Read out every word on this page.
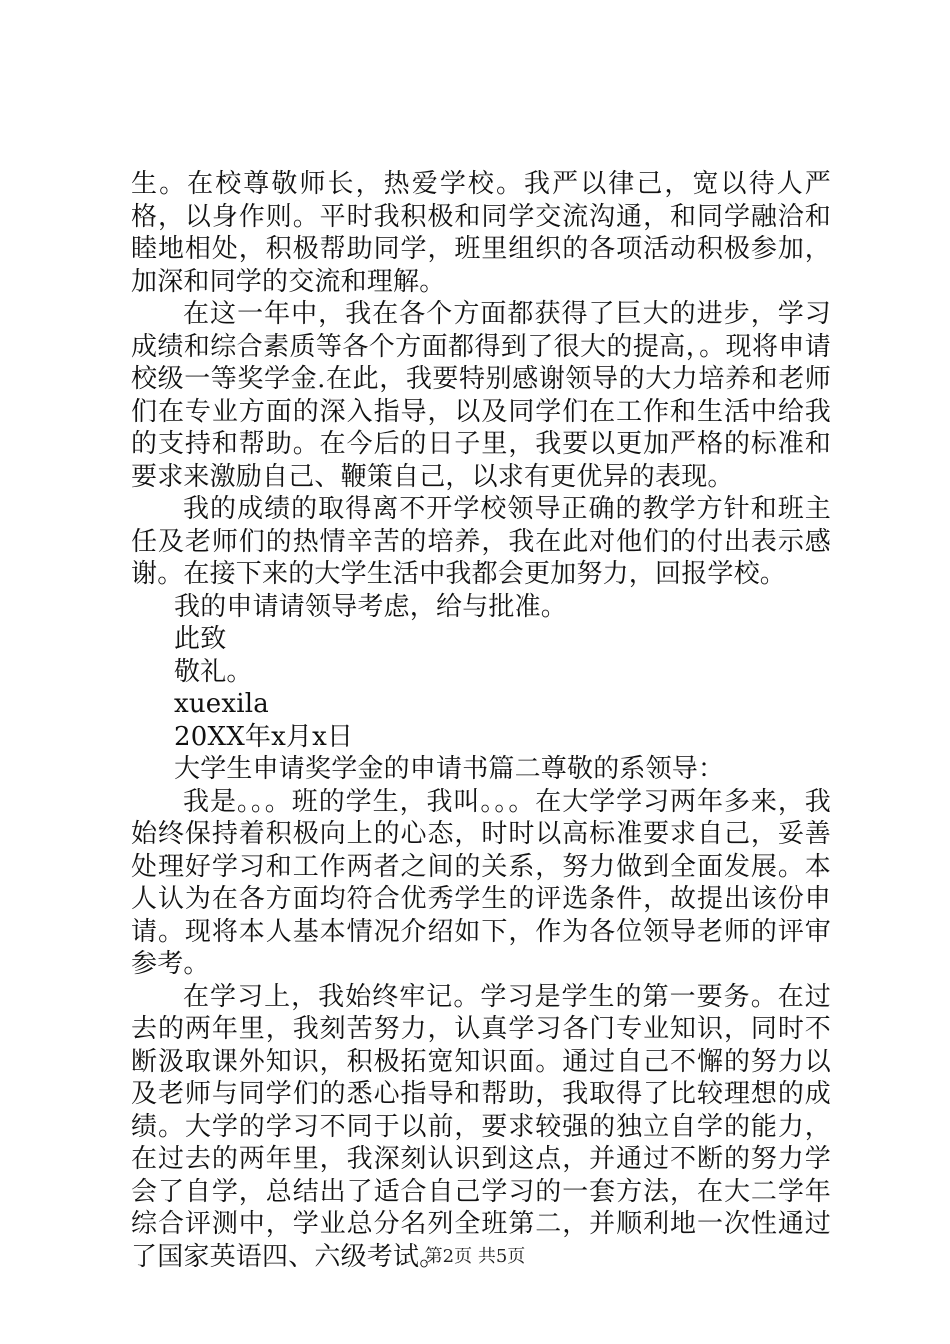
生。在校尊敬师长，热爱学校。我严以律己，宽以待人严格，以身作则。平时我积极和同学交流沟通，和同学融洽和睦地相处，积极帮助同学，班里组织的各项活动积极参加，加深和同学的交流和理解。

在这一年中，我在各个方面都获得了巨大的进步，学习成绩和综合素质等各个方面都得到了很大的提高，。现将申请校级一等奖学金.在此，我要特别感谢领导的大力培养和老师们在专业方面的深入指导，以及同学们在工作和生活中给我的支持和帮助。在今后的日子里，我要以更加严格的标准和要求来激励自己、鞭策自己，以求有更优异的表现。

我的成绩的取得离不开学校领导正确的教学方针和班主任及老师们的热情辛苦的培养，我在此对他们的付出表示感谢。在接下来的大学生活中我都会更加努力，回报学校。

我的申请请领导考虑，给与批准。

此致

敬礼。

xuexila

20XX年x月x日

大学生申请奖学金的申请书篇二尊敬的系领导：

我是。。。班的学生，我叫。。。在大学学习两年多来，我始终保持着积极向上的心态，时时以高标准要求自己，妥善处理好学习和工作两者之间的关系，努力做到全面发展。本人认为在各方面均符合优秀学生的评选条件，故提出该份申请。现将本人基本情况介绍如下，作为各位领导老师的评审参考。

在学习上，我始终牢记。学习是学生的第一要务。在过去的两年里，我刻苦努力，认真学习各门专业知识，同时不断汲取课外知识，积极拓宽知识面。通过自己不懈的努力以及老师与同学们的悉心指导和帮助，我取得了比较理想的成绩。大学的学习不同于以前，要求较强的独立自学的能力，在过去的两年里，我深刻认识到这点，并通过不断的努力学会了自学，总结出了适合自己学习的一套方法，在大二学年综合评测中，学业总分名列全班第二，并顺利地一次性通过了国家英语四、六级考试。

第2页 共5页
